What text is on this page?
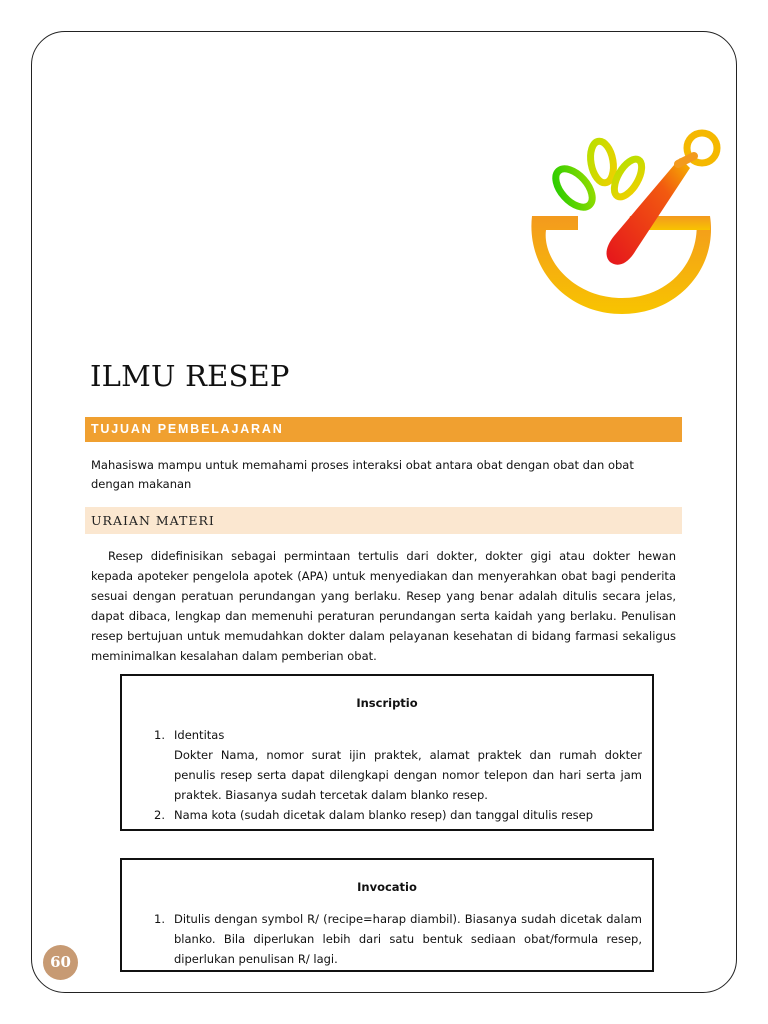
ILMU RESEP
TUJUAN PEMBELAJARAN
Mahasiswa mampu untuk memahami proses interaksi obat antara obat dengan obat dan obat dengan makanan
URAIAN MATERI

Resep didefinisikan sebagai permintaan tertulis dari dokter, dokter gigi atau dokter hewan kepada apoteker pengelola apotek (APA) untuk menyediakan dan menyerahkan obat bagi penderita sesuai dengan peratuan perundangan yang berlaku. Resep yang benar adalah ditulis secara jelas, dapat dibaca, lengkap dan memenuhi peraturan perundangan serta kaidah yang berlaku. Penulisan resep bertujuan untuk memudahkan dokter dalam pelayanan kesehatan di bidang farmasi sekaligus meminimalkan kesalahan dalam pemberian obat.

Inscriptio
1. Identitas
Dokter Nama, nomor surat ijin praktek, alamat praktek dan rumah dokter penulis resep serta dapat dilengkapi dengan nomor telepon dan hari serta jam praktek. Biasanya sudah tercetak dalam blanko resep.
2. Nama kota (sudah dicetak dalam blanko resep) dan tanggal ditulis resep
Invocatio
1. Ditulis dengan symbol R/ (recipe=harap diambil). Biasanya sudah dicetak dalam blanko. Bila diperlukan lebih dari satu bentuk sediaan obat/formula resep, diperlukan penulisan R/ lagi.
60
